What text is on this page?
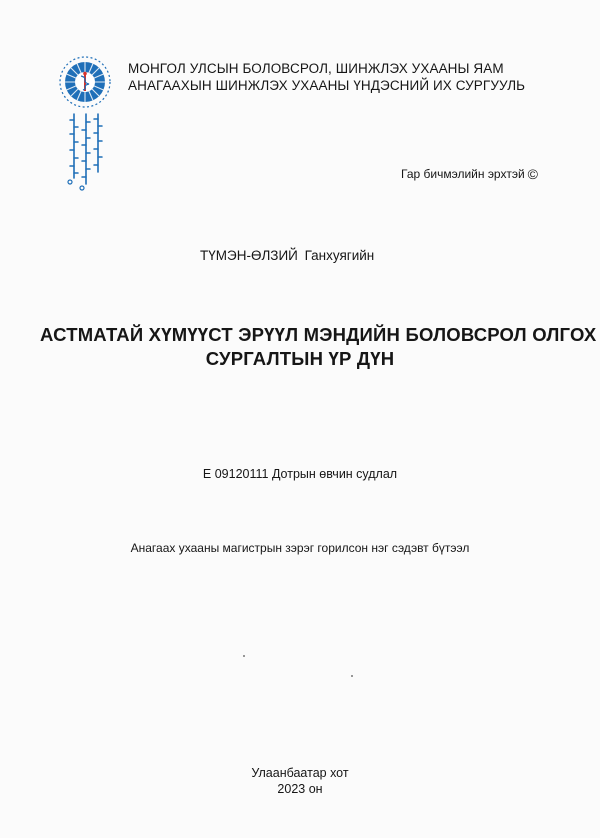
МОНГОЛ УЛСЫН БОЛОВСРОЛ, ШИНЖЛЭХ УХААНЫ ЯАМ
АНАГААХЫН ШИНЖЛЭХ УХААНЫ ҮНДЭСНИЙ ИХ СУРГУУЛЬ
Гар бичмэлийн эрхтэй ©
ТҮМЭН-ӨЛЗИЙ Ганхуягийн
АСТМАТАЙ ХҮМҮҮСТ ЭРҮҮЛ МЭНДИЙН БОЛОВСРОЛ ОЛГОХ
СУРГАЛТЫН ҮР ДҮН
Е 09120111 Дотрын өвчин судлал
Анагаах ухааны магистрын зэрэг горилсон нэг сэдэвт бүтээл
Улаанбаатар хот
2023 он
